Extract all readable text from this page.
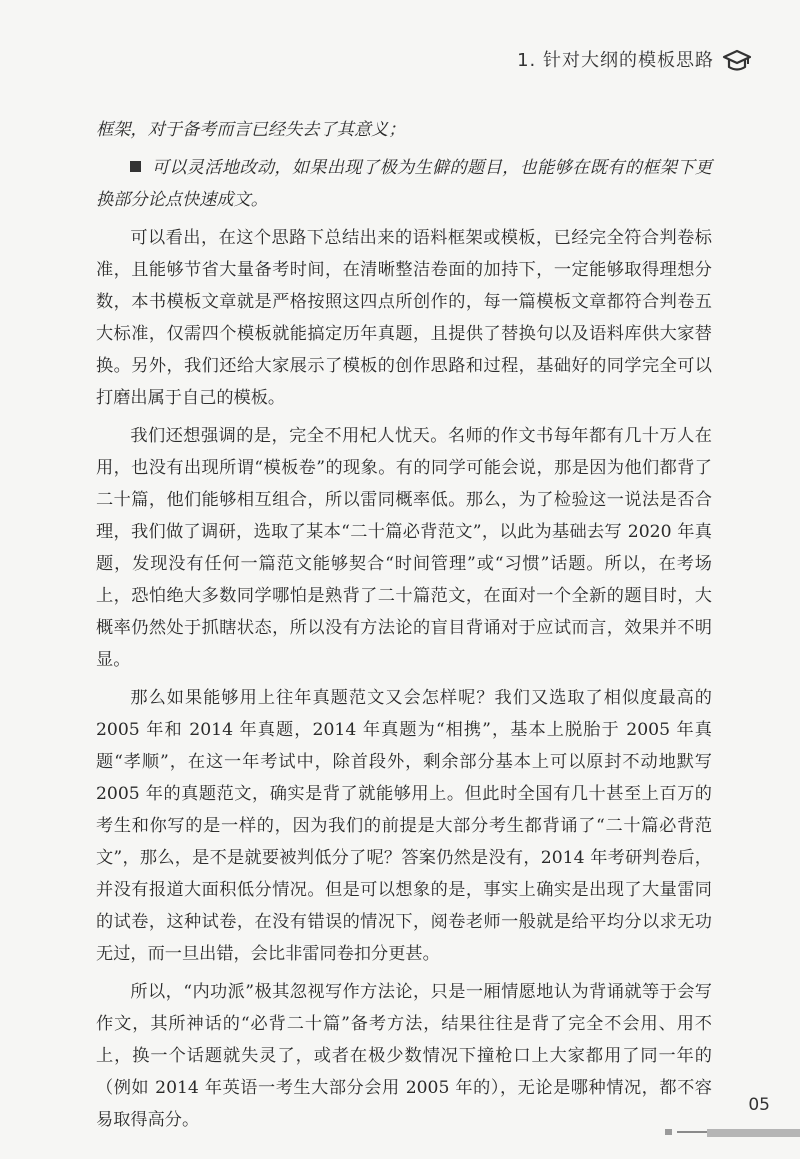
1. 针对大纲的模板思路

框架，对于备考而言已经失去了其意义；

可以灵活地改动，如果出现了极为生僻的题目，也能够在既有的框架下更换部分论点快速成文。

可以看出，在这个思路下总结出来的语料框架或模板，已经完全符合判卷标准，且能够节省大量备考时间，在清晰整洁卷面的加持下，一定能够取得理想分数，本书模板文章就是严格按照这四点所创作的，每一篇模板文章都符合判卷五大标准，仅需四个模板就能搞定历年真题，且提供了替换句以及语料库供大家替换。另外，我们还给大家展示了模板的创作思路和过程，基础好的同学完全可以打磨出属于自己的模板。

我们还想强调的是，完全不用杞人忧天。名师的作文书每年都有几十万人在用，也没有出现所谓“模板卷”的现象。有的同学可能会说，那是因为他们都背了二十篇，他们能够相互组合，所以雷同概率低。那么，为了检验这一说法是否合理，我们做了调研，选取了某本“二十篇必背范文”，以此为基础去写 2020 年真题，发现没有任何一篇范文能够契合“时间管理”或“习惯”话题。所以，在考场上，恐怕绝大多数同学哪怕是熟背了二十篇范文，在面对一个全新的题目时，大概率仍然处于抓瞎状态，所以没有方法论的盲目背诵对于应试而言，效果并不明显。

那么如果能够用上往年真题范文又会怎样呢？我们又选取了相似度最高的 2005 年和 2014 年真题，2014 年真题为“相携”，基本上脱胎于 2005 年真题“孝顺”，在这一年考试中，除首段外，剩余部分基本上可以原封不动地默写 2005 年的真题范文，确实是背了就能够用上。但此时全国有几十甚至上百万的考生和你写的是一样的，因为我们的前提是大部分考生都背诵了“二十篇必背范文”，那么，是不是就要被判低分了呢？答案仍然是没有，2014 年考研判卷后，并没有报道大面积低分情况。但是可以想象的是，事实上确实是出现了大量雷同的试卷，这种试卷，在没有错误的情况下，阅卷老师一般就是给平均分以求无功无过，而一旦出错，会比非雷同卷扣分更甚。

所以，“内功派”极其忽视写作方法论，只是一厢情愿地认为背诵就等于会写作文，其所神话的“必背二十篇”备考方法，结果往往是背了完全不会用、用不上，换一个话题就失灵了，或者在极少数情况下撞枪口上大家都用了同一年的（例如 2014 年英语一考生大部分会用 2005 年的），无论是哪种情况，都不容易取得高分。

05
